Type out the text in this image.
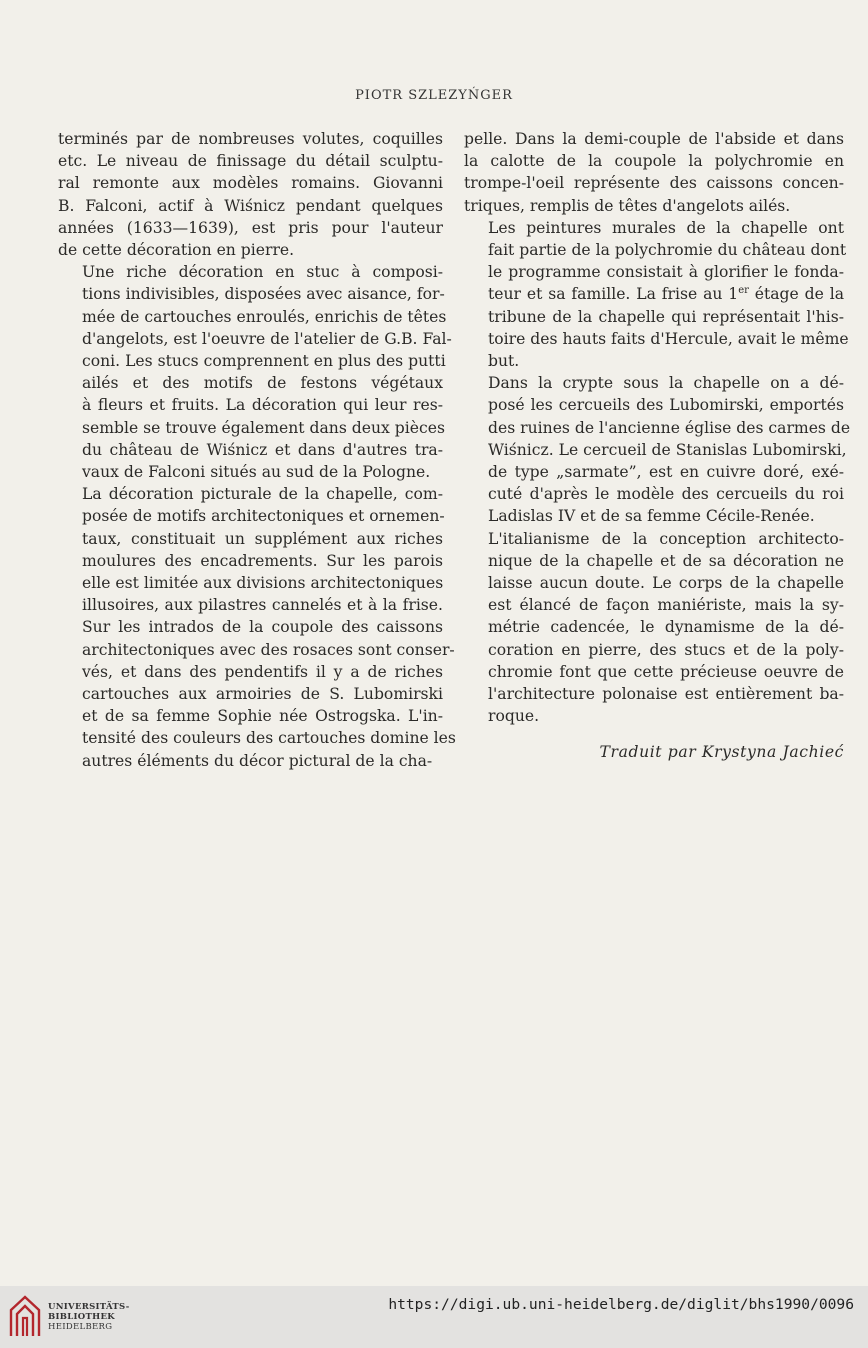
PIOTR SZLEZYŃGER

terminés par de nombreuses volutes, coquilles
etc. Le niveau de finissage du détail sculptu-
ral remonte aux modèles romains. Giovanni
B. Falconi, actif à Wiśnicz pendant quelques
années (1633—1639), est pris pour l'auteur
de cette décoration en pierre.

Une riche décoration en stuc à composi-
tions indivisibles, disposées avec aisance, for-
mée de cartouches enroulés, enrichis de têtes
d'angelots, est l'oeuvre de l'atelier de G.B. Fal-
coni. Les stucs comprennent en plus des putti
ailés et des motifs de festons végétaux
à fleurs et fruits. La décoration qui leur res-
semble se trouve également dans deux pièces
du château de Wiśnicz et dans d'autres tra-
vaux de Falconi situés au sud de la Pologne.

La décoration picturale de la chapelle, com-
posée de motifs architectoniques et ornemen-
taux, constituait un supplément aux riches
moulures des encadrements. Sur les parois
elle est limitée aux divisions architectoniques
illusoires, aux pilastres cannelés et à la frise.
Sur les intrados de la coupole des caissons
architectoniques avec des rosaces sont conser-
vés, et dans des pendentifs il y a de riches
cartouches aux armoiries de S. Lubomirski
et de sa femme Sophie née Ostrogska. L'in-
tensité des couleurs des cartouches domine les
autres éléments du décor pictural de la cha-

pelle. Dans la demi-couple de l'abside et dans
la calotte de la coupole la polychromie en
trompe-l'oeil représente des caissons concen-
triques, remplis de têtes d'angelots ailés.

Les peintures murales de la chapelle ont
fait partie de la polychromie du château dont
le programme consistait à glorifier le fonda-
teur et sa famille. La frise au 1er étage de la
tribune de la chapelle qui représentait l'his-
toire des hauts faits d'Hercule, avait le même
but.

Dans la crypte sous la chapelle on a dé-
posé les cercueils des Lubomirski, emportés
des ruines de l'ancienne église des carmes de
Wiśnicz. Le cercueil de Stanislas Lubomirski,
de type „sarmate”, est en cuivre doré, exé-
cuté d'après le modèle des cercueils du roi
Ladislas IV et de sa femme Cécile-Renée.

L'italianisme de la conception architecto-
nique de la chapelle et de sa décoration ne
laisse aucun doute. Le corps de la chapelle
est élancé de façon maniériste, mais la sy-
métrie cadencée, le dynamisme de la dé-
coration en pierre, des stucs et de la poly-
chromie font que cette précieuse oeuvre de
l'architecture polonaise est entièrement ba-
roque.

Traduit par Krystyna Jachieć
UNIVERSITÄTS-
BIBLIOTHEK
HEIDELBERG
https://digi.ub.uni-heidelberg.de/diglit/bhs1990/0096
